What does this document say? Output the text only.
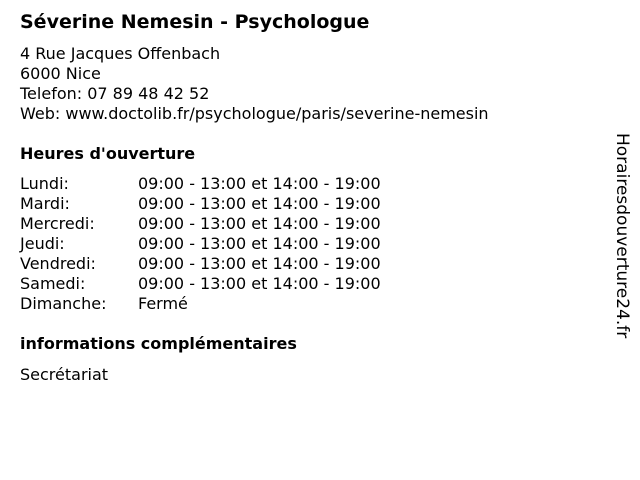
Séverine Nemesin - Psychologue
4 Rue Jacques Offenbach
6000 Nice
Telefon: 07 89 48 42 52
Web: www.doctolib.fr/psychologue/paris/severine-nemesin
Heures d'ouverture
Lundi:	09:00 - 13:00 et 14:00 - 19:00
Mardi:	09:00 - 13:00 et 14:00 - 19:00
Mercredi:	09:00 - 13:00 et 14:00 - 19:00
Jeudi:	09:00 - 13:00 et 14:00 - 19:00
Vendredi:	09:00 - 13:00 et 14:00 - 19:00
Samedi:	09:00 - 13:00 et 14:00 - 19:00
Dimanche:	Fermé
informations complémentaires
Secrétariat
Horairesdouverture24.fr
